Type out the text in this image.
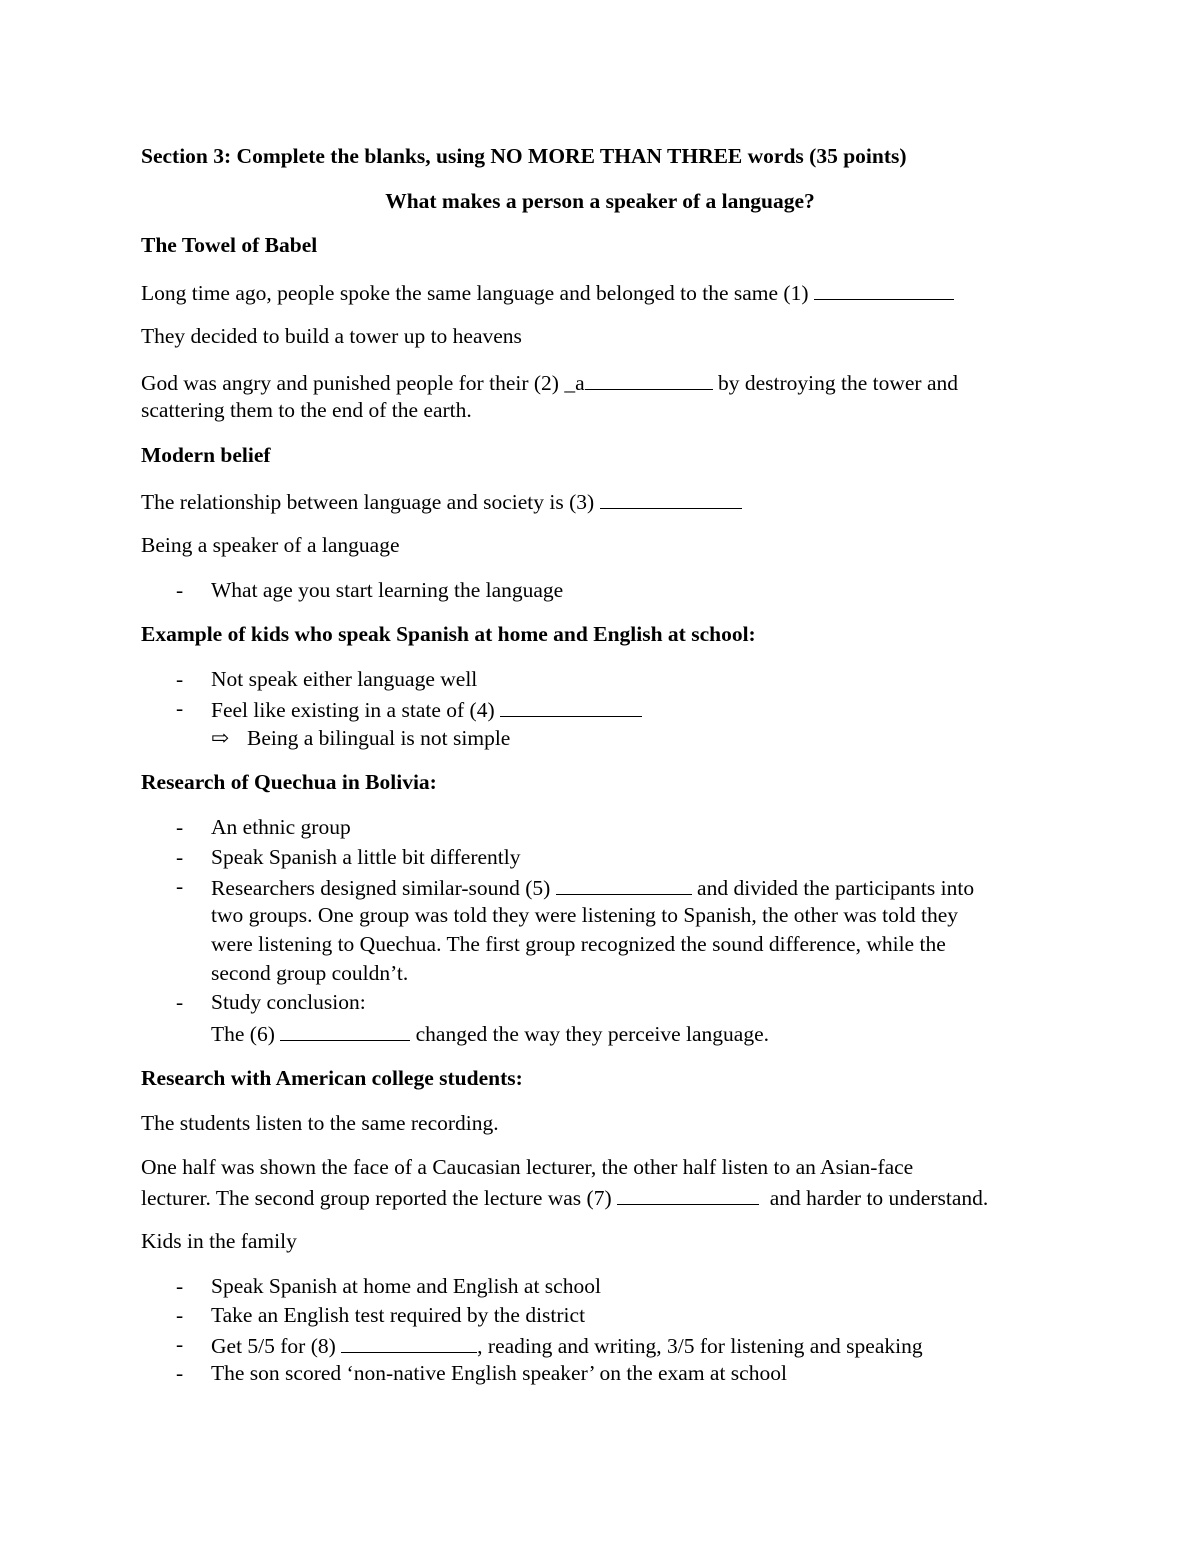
Section 3: Complete the blanks, using NO MORE THAN THREE words (35 points)
What makes a person a speaker of a language?
The Towel of Babel
Long time ago, people spoke the same language and belonged to the same (1)
They decided to build a tower up to heavens
God was angry and punished people for their (2) _a	by destroying the tower and
scattering them to the end of the earth.
Modern belief
The relationship between language and society is (3)
Being a speaker of a language
- What age you start learning the language
Example of kids who speak Spanish at home and English at school:
- Not speak either language well
- Feel like existing in a state of (4)
⇨ Being a bilingual is not simple
Research of Quechua in Bolivia:
- An ethnic group
- Speak Spanish a little bit differently
- Researchers designed similar-sound (5)	and divided the participants into
two groups. One group was told they were listening to Spanish, the other was told they
were listening to Quechua. The first group recognized the sound difference, while the
second group couldn’t.
- Study conclusion:
The (6)	changed the way they perceive language.
Research with American college students:
The students listen to the same recording.
One half was shown the face of a Caucasian lecturer, the other half listen to an Asian-face
lecturer. The second group reported the lecture was (7)	and harder to understand.
Kids in the family
- Speak Spanish at home and English at school
- Take an English test required by the district
- Get 5/5 for (8)	, reading and writing, 3/5 for listening and speaking
- The son scored ‘non-native English speaker’ on the exam at school
